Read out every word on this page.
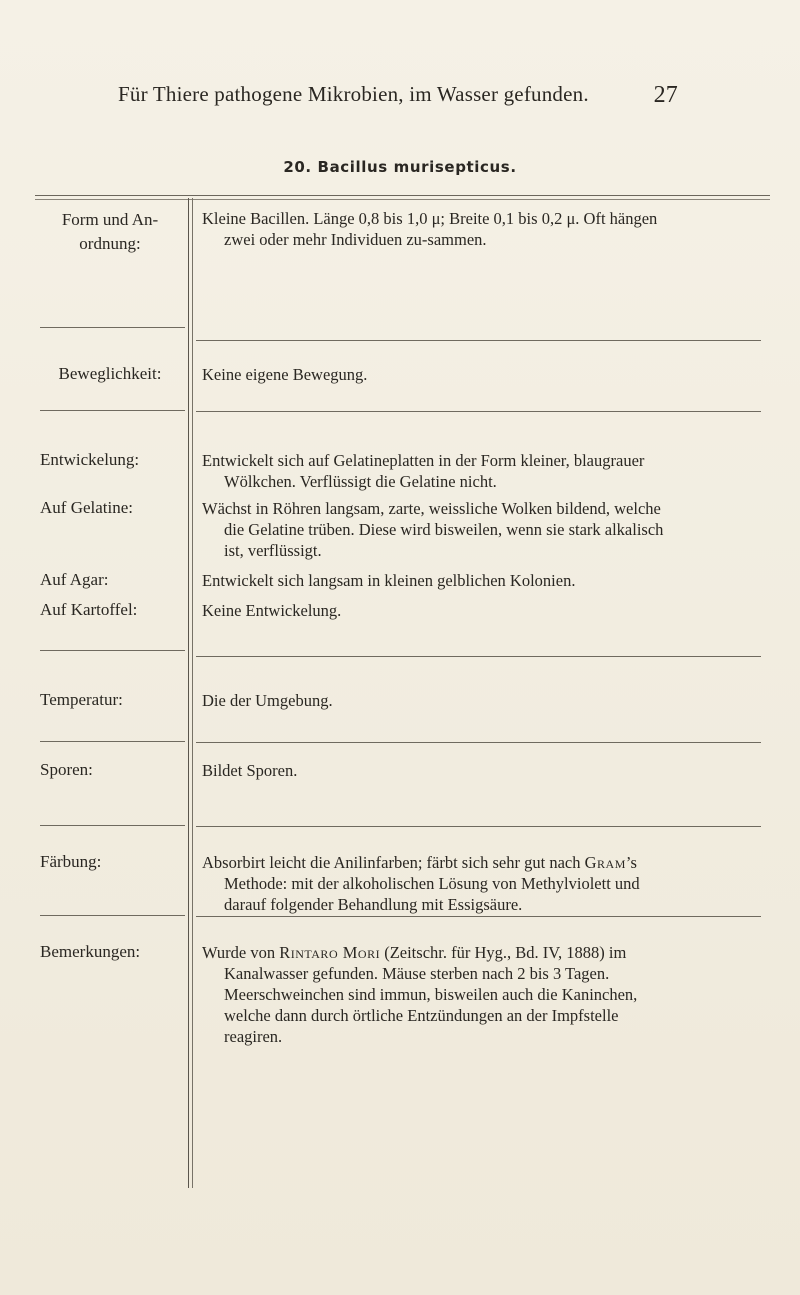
Für Thiere pathogene Mikrobien, im Wasser gefunden.	27
20. Bacillus murisepticus.
Form und An-
ordnung:

Kleine Bacillen. Länge 0,8 bis 1,0 μ; Breite 0,1 bis 0,2 μ. Oft hängen zwei oder mehr Individuen zu-sammen.

Beweglichkeit:	Keine eigene Bewegung.

Entwickelung:	Entwickelt sich auf Gelatineplatten in der Form kleiner, blaugrauer Wölkchen. Verflüssigt die Gelatine nicht.

Auf Gelatine:	Wächst in Röhren langsam, zarte, weissliche Wolken bildend, welche die Gelatine trüben. Diese wird bisweilen, wenn sie stark alkalisch ist, verflüssigt.

Auf Agar:	Entwickelt sich langsam in kleinen gelblichen Kolonien.

Auf Kartoffel:	Keine Entwickelung.

Temperatur:	Die der Umgebung.

Sporen:	Bildet Sporen.

Färbung:	Absorbirt leicht die Anilinfarben; färbt sich sehr gut nach Gram’s Methode: mit der alkoholischen Lösung von Methylviolett und darauf folgender Behandlung mit Essigsäure.

Bemerkungen:	Wurde von Rintaro Mori (Zeitschr. für Hyg., Bd. IV, 1888) im Kanalwasser gefunden. Mäuse sterben nach 2 bis 3 Tagen. Meerschweinchen sind immun, bisweilen auch die Kaninchen, welche dann durch örtliche Entzündungen an der Impfstelle reagiren.
